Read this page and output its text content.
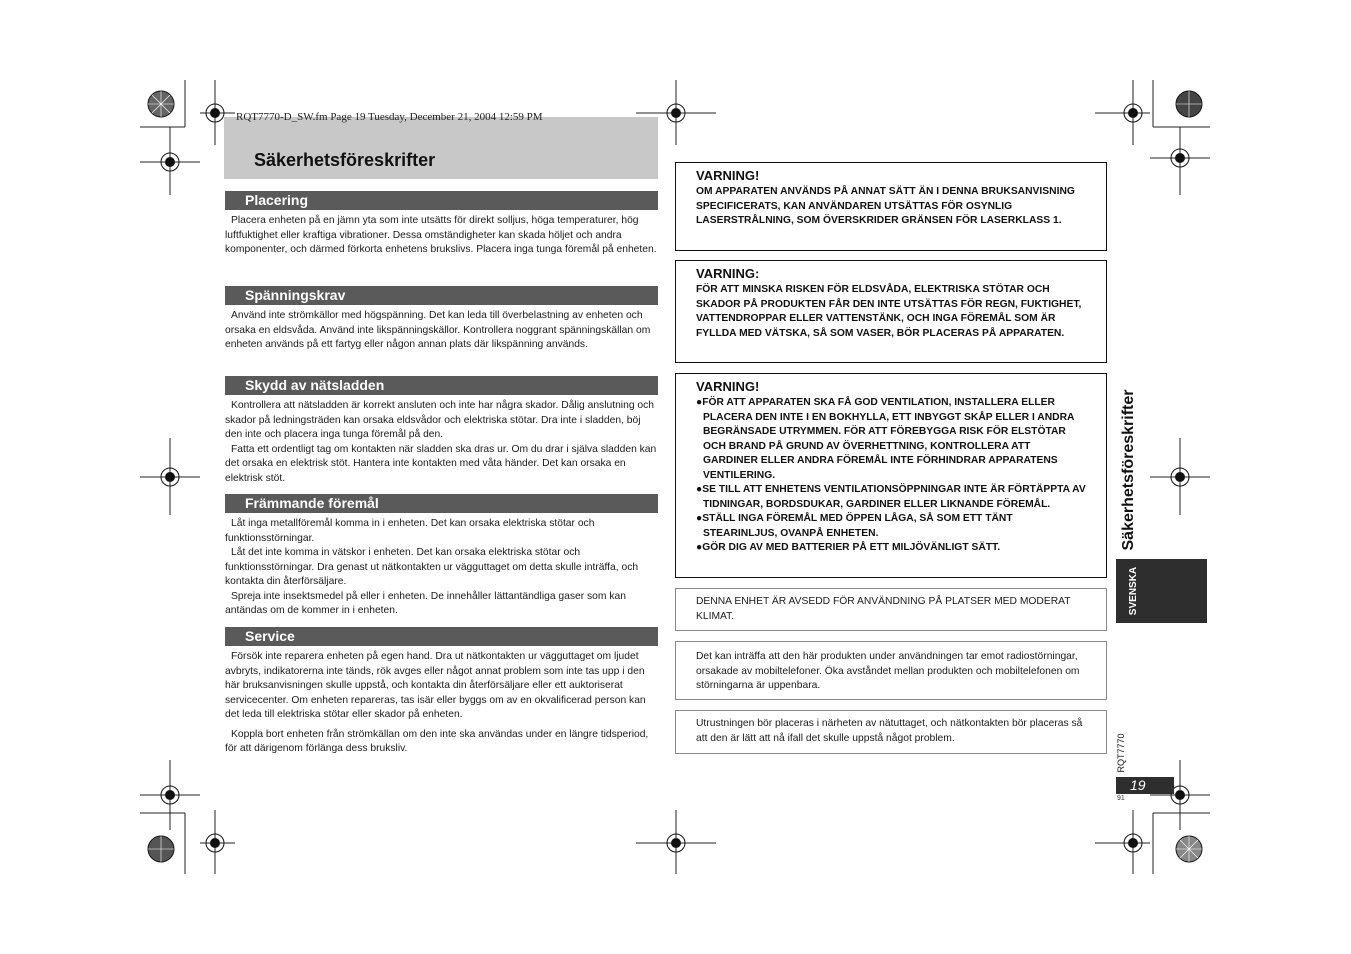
RQT7770-D_SW.fm Page 19 Tuesday, December 21, 2004 12:59 PM
Säkerhetsföreskrifter
Placering

Placera enheten på en jämn yta som inte utsätts för direkt solljus, höga temperaturer, hög luftfuktighet eller kraftiga vibrationer. Dessa omständigheter kan skada höljet och andra komponenter, och därmed förkorta enhetens brukslivs. Placera inga tunga föremål på enheten.

Spänningskrav

Använd inte strömkällor med högspänning. Det kan leda till överbelastning av enheten och orsaka en eldsvåda. Använd inte likspänningskällor. Kontrollera noggrant spänningskällan om enheten används på ett fartyg eller någon annan plats där likspänning används.

Skydd av nätsladden

Kontrollera att nätsladden är korrekt ansluten och inte har några skador. Dålig anslutning och skador på ledningsträden kan orsaka eldsvådor och elektriska stötar. Dra inte i sladden, böj den inte och placera inga tunga föremål på den.

Fatta ett ordentligt tag om kontakten när sladden ska dras ur. Om du drar i själva sladden kan det orsaka en elektrisk stöt. Hantera inte kontakten med våta händer. Det kan orsaka en elektrisk stöt.

Främmande föremål

Låt inga metallföremål komma in i enheten. Det kan orsaka elektriska stötar och funktionsstörningar.

Låt det inte komma in vätskor i enheten. Det kan orsaka elektriska stötar och funktionsstörningar. Dra genast ut nätkontakten ur vägguttaget om detta skulle inträffa, och kontakta din återförsäljare.

Spreja inte insektsmedel på eller i enheten. De innehåller lättantändliga gaser som kan antändas om de kommer in i enheten.

Service

Försök inte reparera enheten på egen hand. Dra ut nätkontakten ur vägguttaget om ljudet avbryts, indikatorerna inte tänds, rök avges eller något annat problem som inte tas upp i den här bruksanvisningen skulle uppstå, och kontakta din återförsäljare eller ett auktoriserat servicecenter. Om enheten repareras, tas isär eller byggs om av en okvalificerad person kan det leda till elektriska stötar eller skador på enheten.

Koppla bort enheten från strömkällan om den inte ska användas under en längre tidsperiod, för att därigenom förlänga dess bruksliv.

VARNING!
OM APPARATEN ANVÄNDS PÅ ANNAT SÄTT ÄN I DENNA BRUKSANVISNING SPECIFICERATS, KAN ANVÄNDAREN UTSÄTTAS FÖR OSYNLIG LASERSTRÅLNING, SOM ÖVERSKRIDER GRÄNSEN FÖR LASERKLASS 1.
VARNING:
FÖR ATT MINSKA RISKEN FÖR ELDSVÅDA, ELEKTRISKA STÖTAR OCH SKADOR PÅ PRODUKTEN FÅR DEN INTE UTSÄTTAS FÖR REGN, FUKTIGHET, VATTENDROPPAR ELLER VATTENSTÄNK, OCH INGA FÖREMÅL SOM ÄR FYLLDA MED VÄTSKA, SÅ SOM VASER, BÖR PLACERAS PÅ APPARATEN.
VARNING!
●FÖR ATT APPARATEN SKA FÅ GOD VENTILATION, INSTALLERA ELLER PLACERA DEN INTE I EN BOKHYLLA, ETT INBYGGT SKÅP ELLER I ANDRA BEGRÄNSADE UTRYMMEN. FÖR ATT FÖREBYGGA RISK FÖR ELSTÖTAR OCH BRAND PÅ GRUND AV ÖVERHETTNING, KONTROLLERA ATT GARDINER ELLER ANDRA FÖREMÅL INTE FÖRHINDRAR APPARATENS VENTILERING.
●SE TILL ATT ENHETENS VENTILATIONSÖPPNINGAR INTE ÄR FÖRTÄPPTA AV TIDNINGAR, BORDSDUKAR, GARDINER ELLER LIKNANDE FÖREMÅL.
●STÄLL INGA FÖREMÅL MED ÖPPEN LÅGA, SÅ SOM ETT TÄNT STEARINLJUS, OVANPÅ ENHETEN.
●GÖR DIG AV MED BATTERIER PÅ ETT MILJÖVÄNLIGT SÄTT.
DENNA ENHET ÄR AVSEDD FÖR ANVÄNDNING PÅ PLATSER MED MODERAT KLIMAT.
Det kan inträffa att den här produkten under användningen tar emot radiostörningar, orsakade av mobiltelefoner. Öka avståndet mellan produkten och mobiltelefonen om störningarna är uppenbara.
Utrustningen bör placeras i närheten av nätuttaget, och nätkontakten bör placeras så att den är lätt att nå ifall det skulle uppstå något problem.
Säkerhetsföreskrifter
SVENSKA
RQT7770
19
91
